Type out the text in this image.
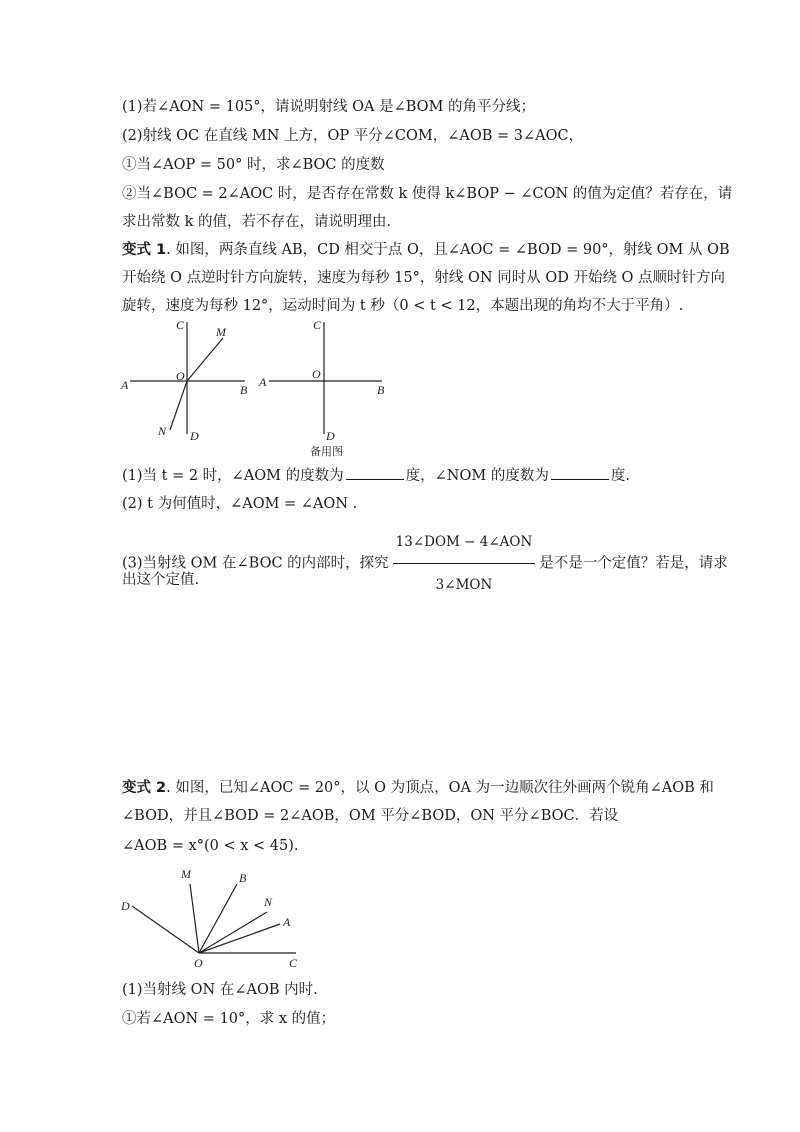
(1)若∠AON = 105°，请说明射线 OA 是∠BOM 的角平分线；
(2)射线 OC 在直线 MN 上方，OP 平分∠COM，∠AOB = 3∠AOC，
①当∠AOP = 50° 时，求∠BOC 的度数
②当∠BOC = 2∠AOC 时，是否存在常数 k 使得 k∠BOP − ∠CON 的值为定值？若存在，请
求出常数 k 的值，若不存在，请说明理由.
变式 1. 如图，两条直线 AB，CD 相交于点 O，且∠AOC = ∠BOD = 90°，射线 OM 从 OB
开始绕 O 点逆时针方向旋转，速度为每秒 15°，射线 ON 同时从 OD 开始绕 O 点顺时针方向
旋转，速度为每秒 12°，运动时间为 t 秒（0 < t < 12，本题出现的角均不大于平角）.
C	M
O
A	B
N D
C
O
A
B
D
备用图
(1)当 t = 2 时，∠AOM 的度数为	度，∠NOM 的度数为	度.
(2) t 为何值时，∠AOM = ∠AON .
(3)当射线 OM 在∠BOC 的内部时，探究 $\frac{\text{13∠DOM − 4∠AON}}{\text{3∠MON}}$ 是不是一个定值？若是，请求
出这个定值.
变式 2. 如图，已知∠AOC = 20°，以 O 为顶点，OA 为一边顺次往外画两个锐角∠AOB 和
∠BOD，并且∠BOD = 2∠AOB，OM 平分∠BOD，ON 平分∠BOC．若设
∠AOB = x°(0 < x < 45).
M	B
D	N
A
O	C
(1)当射线 ON 在∠AOB 内时.
①若∠AON = 10°，求 x 的值；
